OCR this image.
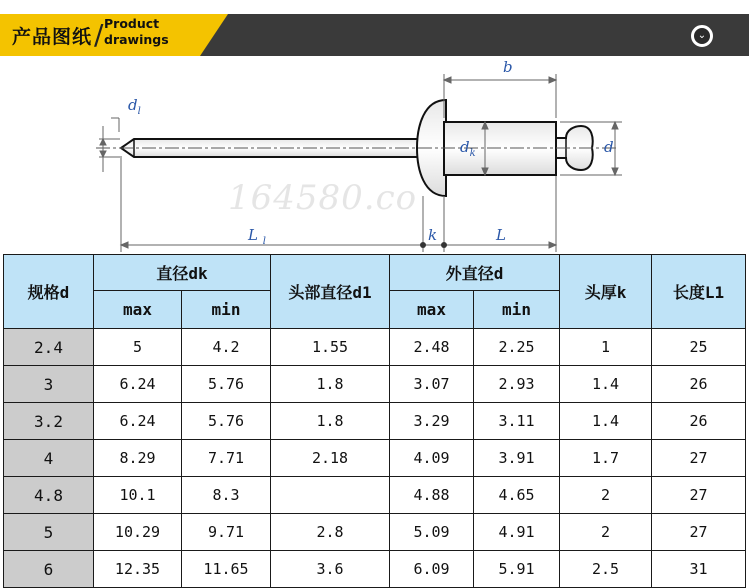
产品图纸 / Product
drawings	⌄
$d_l$
b
$d_k$	d
L $_l$	k	L
164580.co
规格d	直径dk		头部直径d1	外直径d		头厚k	长度L1
	max	min		max	min		
2.4	5	4.2	1.55	2.48	2.25	1	25
3	6.24	5.76	1.8	3.07	2.93	1.4	26
3.2	6.24	5.76	1.8	3.29	3.11	1.4	26
4	8.29	7.71	2.18	4.09	3.91	1.7	27
4.8	10.1	8.3		4.88	4.65	2	27
5	10.29	9.71	2.8	5.09	4.91	2	27
6	12.35	11.65	3.6	6.09	5.91	2.5	31
